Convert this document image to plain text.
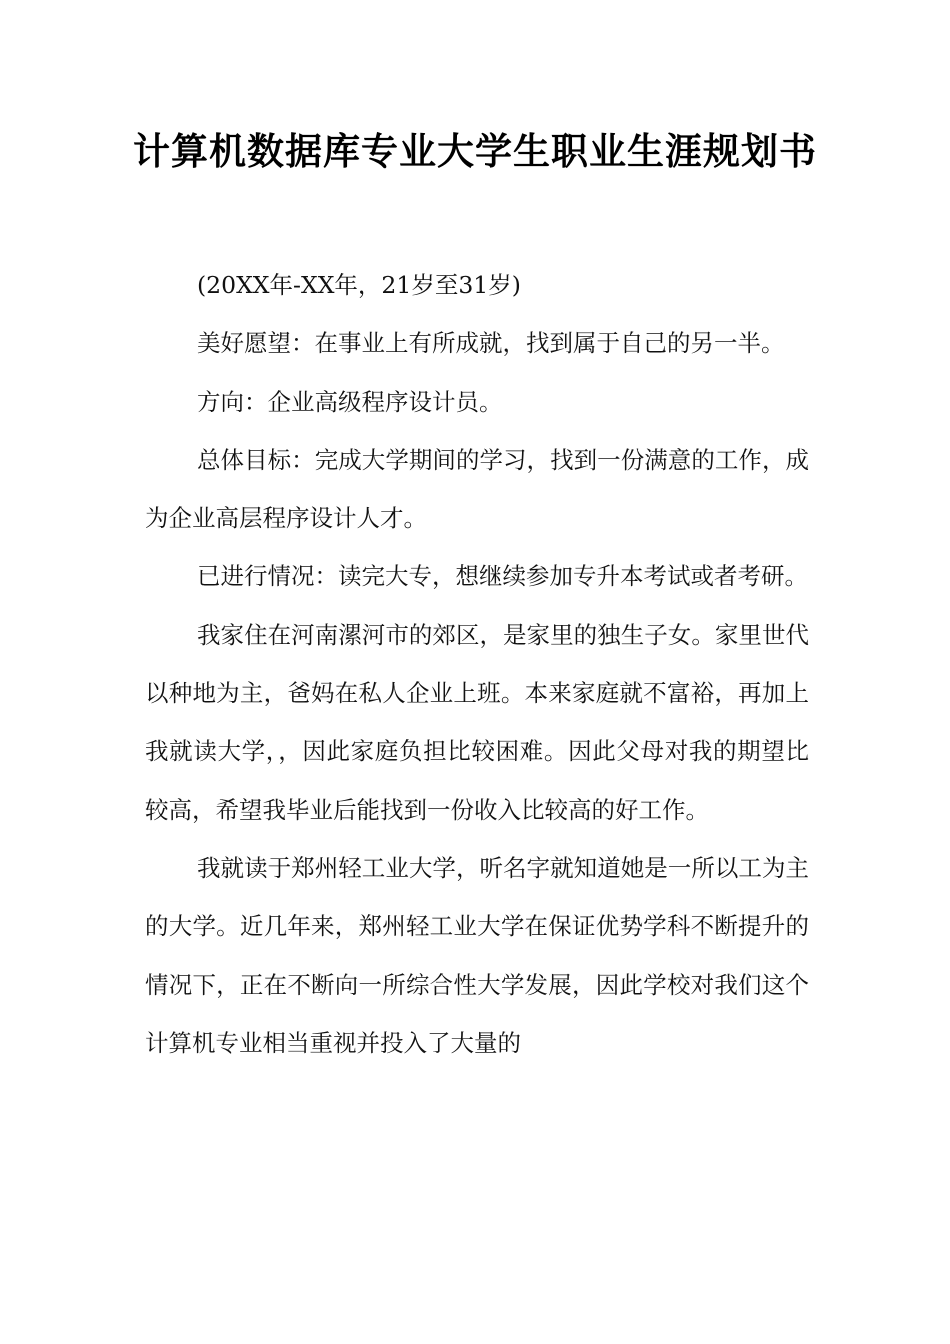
计算机数据库专业大学生职业生涯规划书

(20XX年-XX年，21岁至31岁)

美好愿望：在事业上有所成就，找到属于自己的另一半。

方向：企业高级程序设计员。

总体目标：完成大学期间的学习，找到一份满意的工作，成为企业高层程序设计人才。

已进行情况：读完大专，想继续参加专升本考试或者考研。

我家住在河南漯河市的郊区，是家里的独生子女。家里世代以种地为主，爸妈在私人企业上班。本来家庭就不富裕，再加上我就读大学，，因此家庭负担比较困难。因此父母对我的期望比较高，希望我毕业后能找到一份收入比较高的好工作。

我就读于郑州轻工业大学，听名字就知道她是一所以工为主的大学。近几年来，郑州轻工业大学在保证优势学科不断提升的情况下，正在不断向一所综合性大学发展，因此学校对我们这个计算机专业相当重视并投入了大量的
